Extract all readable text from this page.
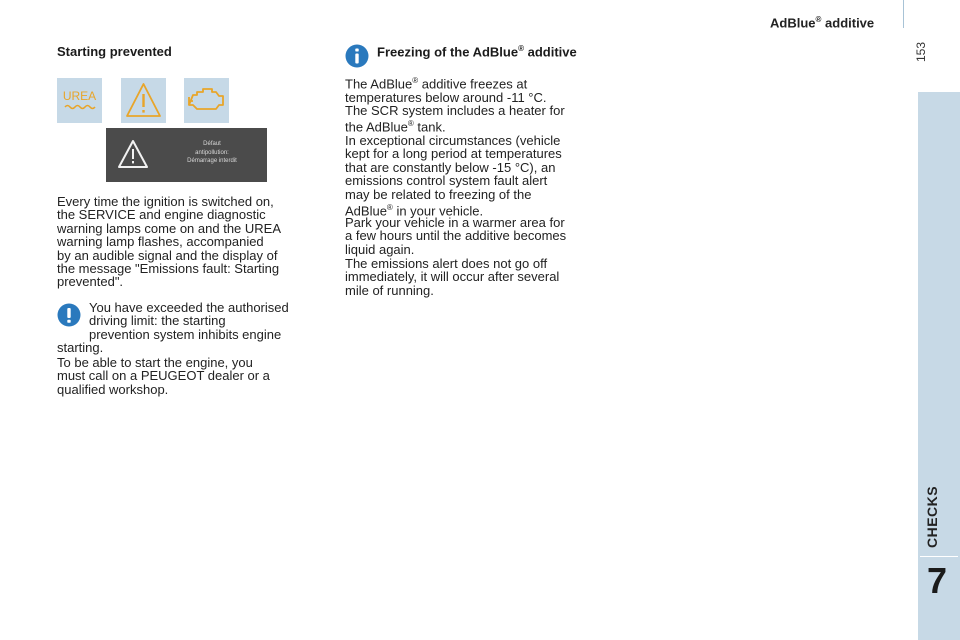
AdBlue® additive
153
CHECKS
7
Starting prevented
UREA
Défaut
antipollution:
Démarrage interdit
Every time the ignition is switched on,
the SERVICE and engine diagnostic
warning lamps come on and the UREA
warning lamp flashes, accompanied
by an audible signal and the display of
the message "Emissions fault: Starting
prevented".
You have exceeded the authorised
driving limit: the starting
prevention system inhibits engine
starting.
To be able to start the engine, you
must call on a PEUGEOT dealer or a
qualified workshop.
Freezing of the AdBlue® additive
The AdBlue® additive freezes at
temperatures below around -11 °C.
The SCR system includes a heater for
the AdBlue® tank.
In exceptional circumstances (vehicle
kept for a long period at temperatures
that are constantly below -15 °C), an
emissions control system fault alert
may be related to freezing of the
AdBlue® in your vehicle.
Park your vehicle in a warmer area for
a few hours until the additive becomes
liquid again.
The emissions alert does not go off
immediately, it will occur after several
mile of running.
